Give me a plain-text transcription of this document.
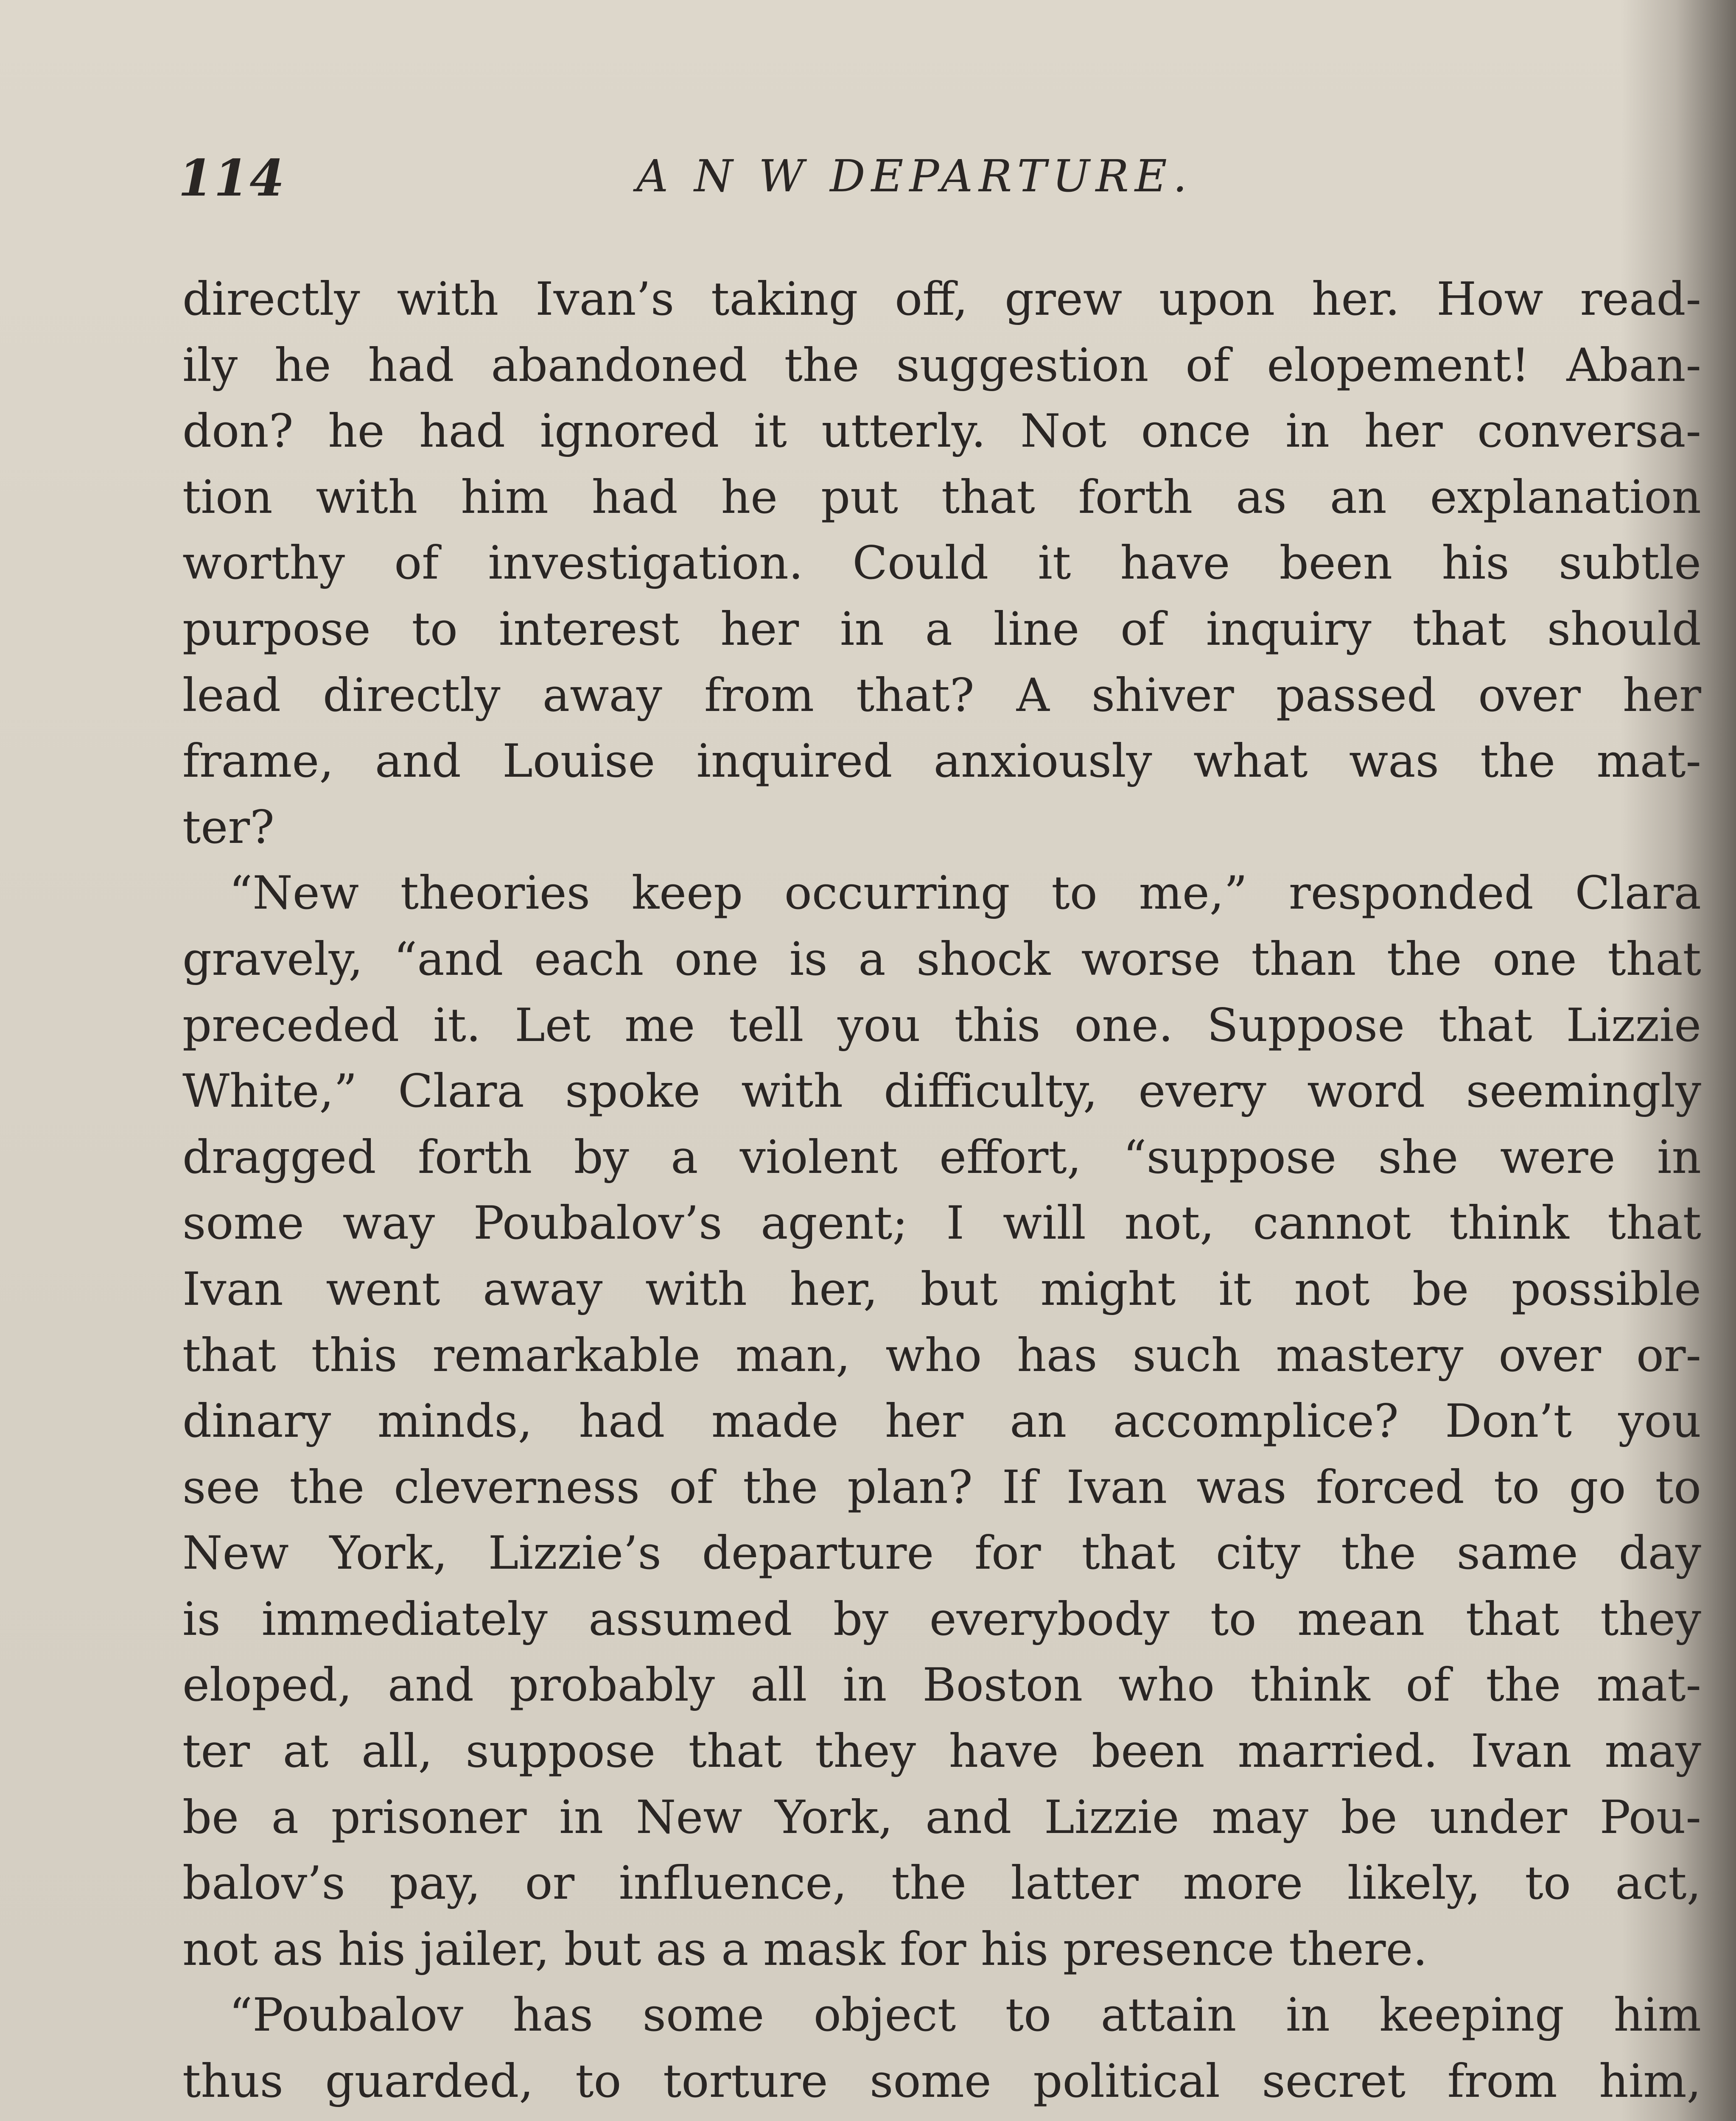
114	A N W DEPARTURE.
directly with Ivan’s taking off, grew upon her. How read-
ily he had abandoned the suggestion of elopement! Aban-
don? he had ignored it utterly. Not once in her conversa-
tion with him had he put that forth as an explanation
worthy of investigation. Could it have been his subtle
purpose to interest her in a line of inquiry that should
lead directly away from that? A shiver passed over her
frame, and Louise inquired anxiously what was the mat-
ter?
“New theories keep occurring to me,” responded Clara
gravely, “and each one is a shock worse than the one that
preceded it. Let me tell you this one. Suppose that Lizzie
White,” Clara spoke with difficulty, every word seemingly
dragged forth by a violent effort, “suppose she were in
some way Poubalov’s agent; I will not, cannot think that
Ivan went away with her, but might it not be possible
that this remarkable man, who has such mastery over or-
dinary minds, had made her an accomplice? Don’t you
see the cleverness of the plan? If Ivan was forced to go to
New York, Lizzie’s departure for that city the same day
is immediately assumed by everybody to mean that they
eloped, and probably all in Boston who think of the mat-
ter at all, suppose that they have been married. Ivan may
be a prisoner in New York, and Lizzie may be under Pou-
balov’s pay, or influence, the latter more likely, to act,
not as his jailer, but as a mask for his presence there.
“Poubalov has some object to attain in keeping him
thus guarded, to torture some political secret from him,
